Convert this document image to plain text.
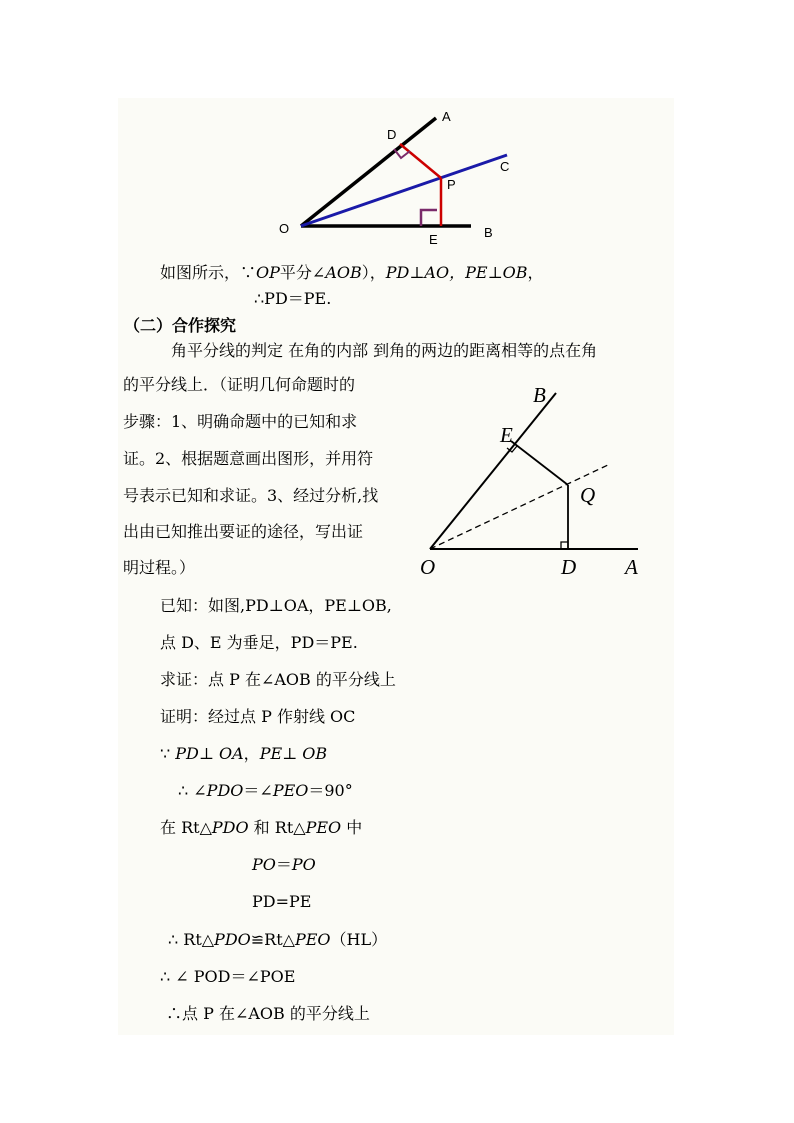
A
D
C
P
O
E	B
如图所示，∵OP平分∠AOB），PD⊥AO，PE⊥OB，
∴PD＝PE.
（二）合作探究
角平分线的判定 在角的内部 到角的两边的距离相等的点在角
的平分线上．（证明几何命题时的
步骤：1、明确命题中的已知和求
证。2、根据题意画出图形，并用符
号表示已知和求证。3、经过分析,找
出由已知推出要证的途径，写出证
明过程。）
B
E
Q
O	D A
已知：如图,PD⊥OA，PE⊥OB,
点 D、E 为垂足，PD＝PE.
求证：点 P 在∠AOB 的平分线上
证明：经过点 P 作射线 OC
∵ PD⊥ OA，PE⊥ OB
∴ ∠PDO＝∠PEO＝90°
在 Rt△PDO 和 Rt△PEO 中
PO＝PO
PD=PE
∴ Rt△PDO≌Rt△PEO（HL）
∴ ∠ POD＝∠POE
∴点 P 在∠AOB 的平分线上
